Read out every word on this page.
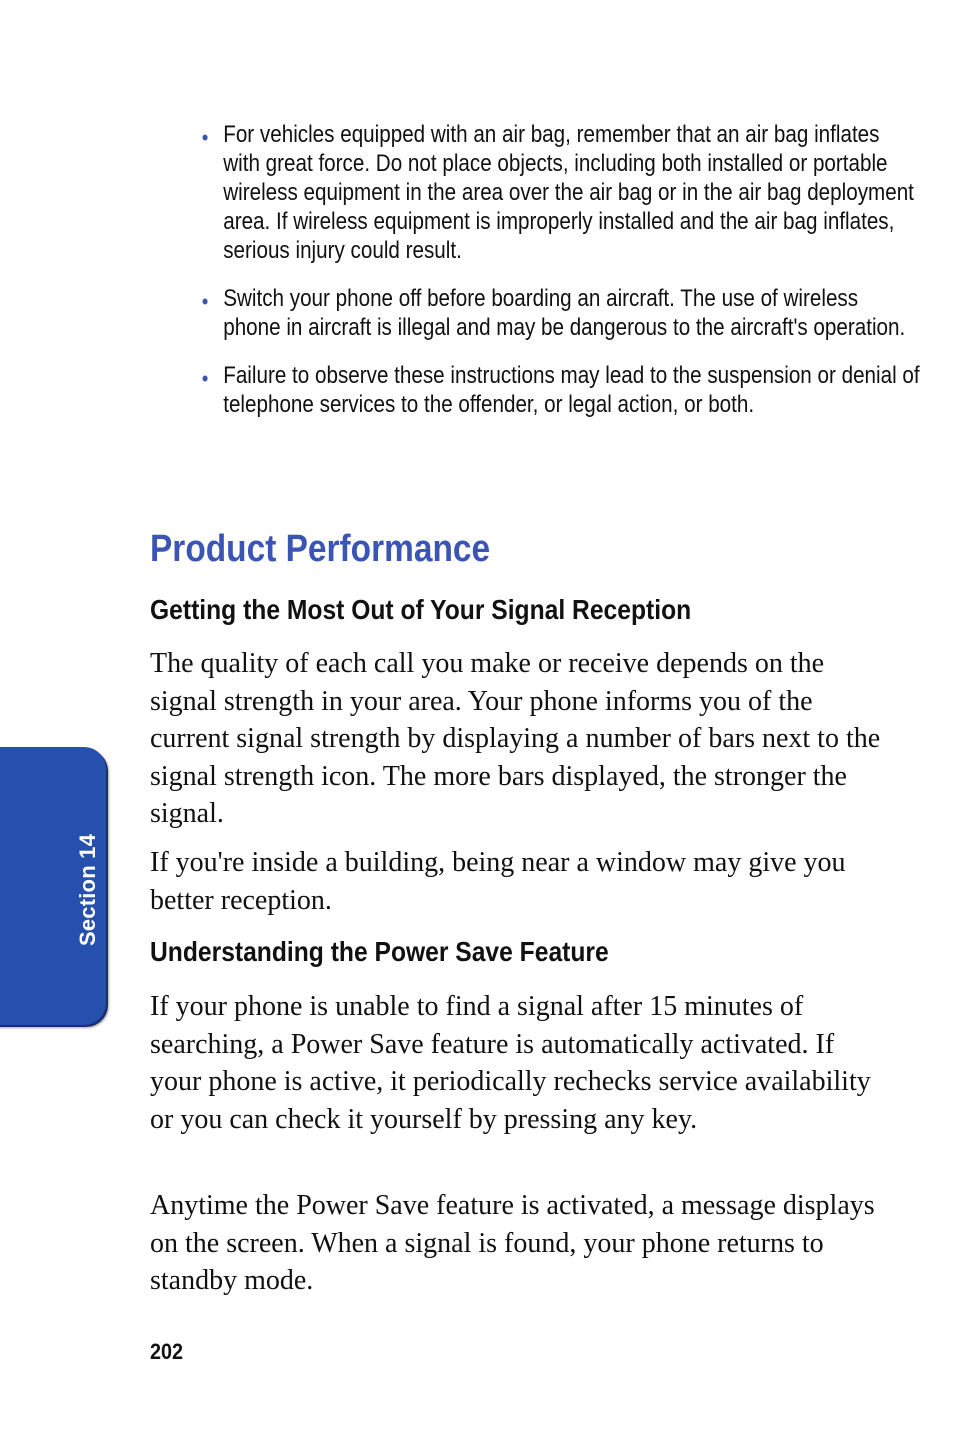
• For vehicles equipped with an air bag, remember that an air bag inflates with great force. Do not place objects, including both installed or portable wireless equipment in the area over the air bag or in the air bag deployment area. If wireless equipment is improperly installed and the air bag inflates, serious injury could result.
• Switch your phone off before boarding an aircraft. The use of wireless phone in aircraft is illegal and may be dangerous to the aircraft's operation.
• Failure to observe these instructions may lead to the suspension or denial of telephone services to the offender, or legal action, or both.
Product Performance
Getting the Most Out of Your Signal Reception

The quality of each call you make or receive depends on the signal strength in your area. Your phone informs you of the current signal strength by displaying a number of bars next to the signal strength icon. The more bars displayed, the stronger the signal.

If you're inside a building, being near a window may give you better reception.

Understanding the Power Save Feature

If your phone is unable to find a signal after 15 minutes of searching, a Power Save feature is automatically activated. If your phone is active, it periodically rechecks service availability or you can check it yourself by pressing any key.

Anytime the Power Save feature is activated, a message displays on the screen. When a signal is found, your phone returns to standby mode.

Section 14
202
